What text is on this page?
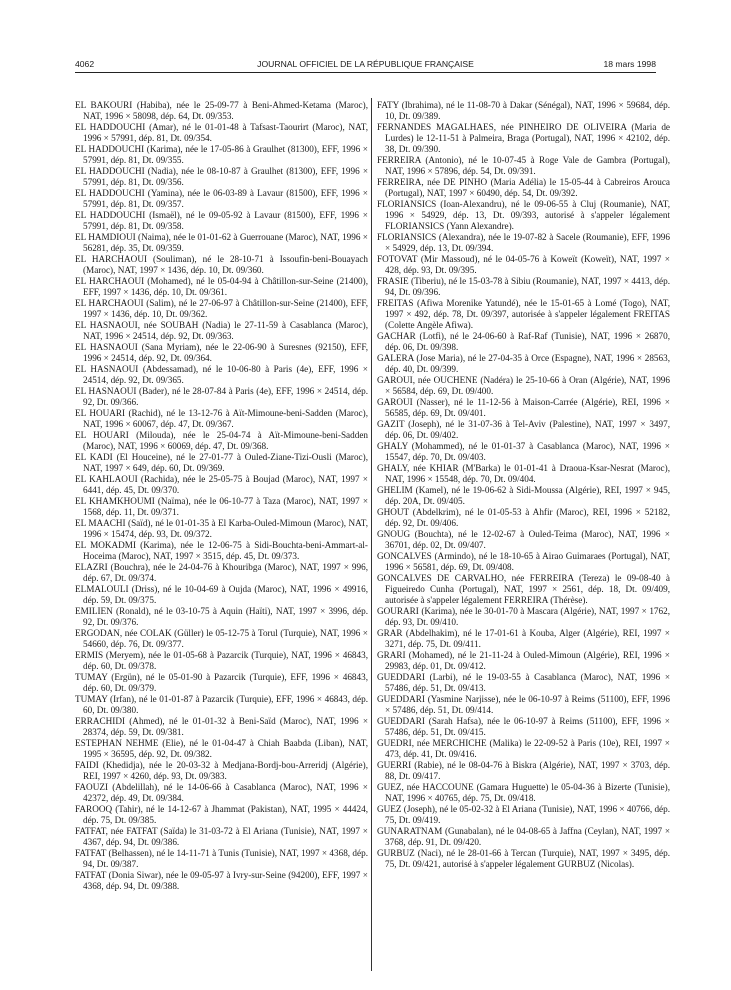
JOURNAL OFFICIEL DE LA RÉPUBLIQUE FRANÇAISE
4062	18 mars 1998

EL BAKOURI (Habiba), née le 25-09-77 à Beni-Ahmed-Ketama (Maroc), NAT, 1996 × 58098, dép. 64, Dt. 09/353.

EL HADDOUCHI (Amar), né le 01-01-48 à Tafsast-Taourirt (Maroc), NAT, 1996 × 57991, dép. 81, Dt. 09/354.

EL HADDOUCHI (Karima), née le 17-05-86 à Graulhet (81300), EFF, 1996 × 57991, dép. 81, Dt. 09/355.

EL HADDOUCHI (Nadia), née le 08-10-87 à Graulhet (81300), EFF, 1996 × 57991, dép. 81, Dt. 09/356.

EL HADDOUCHI (Yamina), née le 06-03-89 à Lavaur (81500), EFF, 1996 × 57991, dép. 81, Dt. 09/357.

EL HADDOUCHI (Ismaël), né le 09-05-92 à Lavaur (81500), EFF, 1996 × 57991, dép. 81, Dt. 09/358.

EL HAMDIOUI (Naima), née le 01-01-62 à Guerrouane (Maroc), NAT, 1996 × 56281, dép. 35, Dt. 09/359.

EL HARCHAOUI (Souliman), né le 28-10-71 à Issoufin-beni-Bouayach (Maroc), NAT, 1997 × 1436, dép. 10, Dt. 09/360.

EL HARCHAOUI (Mohamed), né le 05-04-94 à Châtillon-sur-Seine (21400), EFF, 1997 × 1436, dép. 10, Dt. 09/361.

EL HARCHAOUI (Salim), né le 27-06-97 à Châtillon-sur-Seine (21400), EFF, 1997 × 1436, dép. 10, Dt. 09/362.

EL HASNAOUI, née SOUBAH (Nadia) le 27-11-59 à Casablanca (Maroc), NAT, 1996 × 24514, dép. 92, Dt. 09/363.

EL HASNAOUI (Sana Myriam), née le 22-06-90 à Suresnes (92150), EFF, 1996 × 24514, dép. 92, Dt. 09/364.

EL HASNAOUI (Abdessamad), né le 10-06-80 à Paris (4e), EFF, 1996 × 24514, dép. 92, Dt. 09/365.

EL HASNAOUI (Bader), né le 28-07-84 à Paris (4e), EFF, 1996 × 24514, dép. 92, Dt. 09/366.

EL HOUARI (Rachid), né le 13-12-76 à Aït-Mimoune-beni-Sadden (Maroc), NAT, 1996 × 60067, dép. 47, Dt. 09/367.

EL HOUARI (Miloudа), née le 25-04-74 à Aït-Mimoune-beni-Sadden (Maroc), NAT, 1996 × 60069, dép. 47, Dt. 09/368.

EL KADI (El Houceine), né le 27-01-77 à Ouled-Ziane-Tizi-Ousli (Maroc), NAT, 1997 × 649, dép. 60, Dt. 09/369.

EL KAHLAOUI (Rachida), née le 25-05-75 à Boujad (Maroc), NAT, 1997 × 6441, dép. 45, Dt. 09/370.

EL KHAMKHOUMI (Naïma), née le 06-10-77 à Taza (Maroc), NAT, 1997 × 1568, dép. 11, Dt. 09/371.

EL MAACHI (Saïd), né le 01-01-35 à El Karba-Ouled-Mimoun (Maroc), NAT, 1996 × 15474, dép. 93, Dt. 09/372.

EL MOKADMI (Karima), née le 12-06-75 à Sidi-Bouchta-beni-Ammart-al-Hoceima (Maroc), NAT, 1997 × 3515, dép. 45, Dt. 09/373.

ELAZRI (Bouchra), née le 24-04-76 à Khouribga (Maroc), NAT, 1997 × 996, dép. 67, Dt. 09/374.

ELMALOULI (Driss), né le 10-04-69 à Oujda (Maroc), NAT, 1996 × 49916, dép. 59, Dt. 09/375.

EMILIEN (Ronald), né le 03-10-75 à Aquin (Haïti), NAT, 1997 × 3996, dép. 92, Dt. 09/376.

ERGODAN, née COLAK (Güller) le 05-12-75 à Torul (Turquie), NAT, 1996 × 54660, dép. 76, Dt. 09/377.

ERMIS (Meryem), née le 01-05-68 à Pazarcik (Turquie), NAT, 1996 × 46843, dép. 60, Dt. 09/378.

TUMAY (Ergün), né le 05-01-90 à Pazarcik (Turquie), EFF, 1996 × 46843, dép. 60, Dt. 09/379.

TUMAY (Irfan), né le 01-01-87 à Pazarcik (Turquie), EFF, 1996 × 46843, dép. 60, Dt. 09/380.

ERRACHIDI (Ahmed), né le 01-01-32 à Beni-Saïd (Maroc), NAT, 1996 × 28374, dép. 59, Dt. 09/381.

ESTEPHAN NEHME (Elie), né le 01-04-47 à Chiah Baabda (Liban), NAT, 1995 × 36595, dép. 92, Dt. 09/382.

FAIDI (Khedidja), née le 20-03-32 à Medjana-Bordj-bou-Arreridj (Algérie), REI, 1997 × 4260, dép. 93, Dt. 09/383.

FAOUZI (Abdelillah), né le 14-06-66 à Casablanca (Maroc), NAT, 1996 × 42372, dép. 49, Dt. 09/384.

FAROOQ (Tahir), né le 14-12-67 à Jhammat (Pakistan), NAT, 1995 × 44424, dép. 75, Dt. 09/385.

FATFAT, née FATFAT (Saïda) le 31-03-72 à El Ariana (Tunisie), NAT, 1997 × 4367, dép. 94, Dt. 09/386.

FATFAT (Belhassen), né le 14-11-71 à Tunis (Tunisie), NAT, 1997 × 4368, dép. 94, Dt. 09/387.

FATFAT (Donia Siwar), née le 09-05-97 à Ivry-sur-Seine (94200), EFF, 1997 × 4368, dép. 94, Dt. 09/388.

FATY (Ibrahima), né le 11-08-70 à Dakar (Sénégal), NAT, 1996 × 59684, dép. 10, Dt. 09/389.

FERNANDES MAGALHAES, née PINHEIRO DE OLIVEIRA (Maria de Lurdes) le 12-11-51 à Palmeira, Braga (Portugal), NAT, 1996 × 42102, dép. 38, Dt. 09/390.

FERREIRA (Antonio), né le 10-07-45 à Roge Vale de Gambra (Portugal), NAT, 1996 × 57896, dép. 54, Dt. 09/391.

FERREIRA, née DE PINHO (Maria Adélia) le 15-05-44 à Cabreiros Arouca (Portugal), NAT, 1997 × 60490, dép. 54, Dt. 09/392.

FLORIANSICS (Ioan-Alexandru), né le 09-06-55 à Cluj (Roumanie), NAT, 1996 × 54929, dép. 13, Dt. 09/393, autorisé à s'appeler légalement FLORIANSICS (Yann Alexandre).

FLORIANSICS (Alexandra), née le 19-07-82 à Sacele (Roumanie), EFF, 1996 × 54929, dép. 13, Dt. 09/394.

FOTOVAT (Mir Massoud), né le 04-05-76 à Koweït (Koweït), NAT, 1997 × 428, dép. 93, Dt. 09/395.

FRASIE (Tiberiu), né le 15-03-78 à Sibiu (Roumanie), NAT, 1997 × 4413, dép. 94, Dt. 09/396.

FREITAS (Afiwa Morenike Yatundé), née le 15-01-65 à Lomé (Togo), NAT, 1997 × 492, dép. 78, Dt. 09/397, autorisée à s'appeler légalement FREITAS (Colette Angèle Afiwa).

GACHAR (Lotfi), né le 24-06-60 à Raf-Raf (Tunisie), NAT, 1996 × 26870, dép. 06, Dt. 09/398.

GALERA (Jose Maria), né le 27-04-35 à Orce (Espagne), NAT, 1996 × 28563, dép. 40, Dt. 09/399.

GAROUI, née OUCHENE (Nadéra) le 25-10-66 à Oran (Algérie), NAT, 1996 × 56584, dép. 69, Dt. 09/400.

GAROUI (Nasser), né le 11-12-56 à Maison-Carrée (Algérie), REI, 1996 × 56585, dép. 69, Dt. 09/401.

GAZIT (Joseph), né le 31-07-36 à Tel-Aviv (Palestine), NAT, 1997 × 3497, dép. 06, Dt. 09/402.

GHALY (Mohammed), né le 01-01-37 à Casablanca (Maroc), NAT, 1996 × 15547, dép. 70, Dt. 09/403.

GHALY, née KHIAR (M'Barka) le 01-01-41 à Draoua-Ksar-Nesrat (Maroc), NAT, 1996 × 15548, dép. 70, Dt. 09/404.

GHELIM (Kamel), né le 19-06-62 à Sidi-Moussa (Algérie), REI, 1997 × 945, dép. 20A, Dt. 09/405.

GHOUT (Abdelkrim), né le 01-05-53 à Ahfir (Maroc), REI, 1996 × 52182, dép. 92, Dt. 09/406.

GNOUG (Bouchta), né le 12-02-67 à Ouled-Teima (Maroc), NAT, 1996 × 36701, dép. 02, Dt. 09/407.

GONCALVES (Armindo), né le 18-10-65 à Airao Guimaraes (Portugal), NAT, 1996 × 56581, dép. 69, Dt. 09/408.

GONCALVES DE CARVALHO, née FERREIRA (Tereza) le 09-08-40 à Figueiredo Cunha (Portugal), NAT, 1997 × 2561, dép. 18, Dt. 09/409, autorisée à s'appeler légalement FERREIRA (Thérèse).

GOURARI (Karima), née le 30-01-70 à Mascara (Algérie), NAT, 1997 × 1762, dép. 93, Dt. 09/410.

GRAR (Abdelhakim), né le 17-01-61 à Kouba, Alger (Algérie), REI, 1997 × 3271, dép. 75, Dt. 09/411.

GRARI (Mohamed), né le 21-11-24 à Ouled-Mimoun (Algérie), REI, 1996 × 29983, dép. 01, Dt. 09/412.

GUEDDARI (Larbi), né le 19-03-55 à Casablanca (Maroc), NAT, 1996 × 57486, dép. 51, Dt. 09/413.

GUEDDARI (Yasmine Narjisse), née le 06-10-97 à Reims (51100), EFF, 1996 × 57486, dép. 51, Dt. 09/414.

GUEDDARI (Sarah Hafsa), née le 06-10-97 à Reims (51100), EFF, 1996 × 57486, dép. 51, Dt. 09/415.

GUEDRI, née MERCHICHE (Malika) le 22-09-52 à Paris (10e), REI, 1997 × 473, dép. 41, Dt. 09/416.

GUERRI (Rabie), né le 08-04-76 à Biskra (Algérie), NAT, 1997 × 3703, dép. 88, Dt. 09/417.

GUEZ, née HACCOUNE (Gamara Huguette) le 05-04-36 à Bizerte (Tunisie), NAT, 1996 × 40765, dép. 75, Dt. 09/418.

GUEZ (Joseph), né le 05-02-32 à El Ariana (Tunisie), NAT, 1996 × 40766, dép. 75, Dt. 09/419.

GUNARATNAM (Gunabalan), né le 04-08-65 à Jaffna (Ceylan), NAT, 1997 × 3768, dép. 91, Dt. 09/420.

GURBUZ (Naci), né le 28-01-66 à Tercan (Turquie), NAT, 1997 × 3495, dép. 75, Dt. 09/421, autorisé à s'appeler légalement GURBUZ (Nicolas).
